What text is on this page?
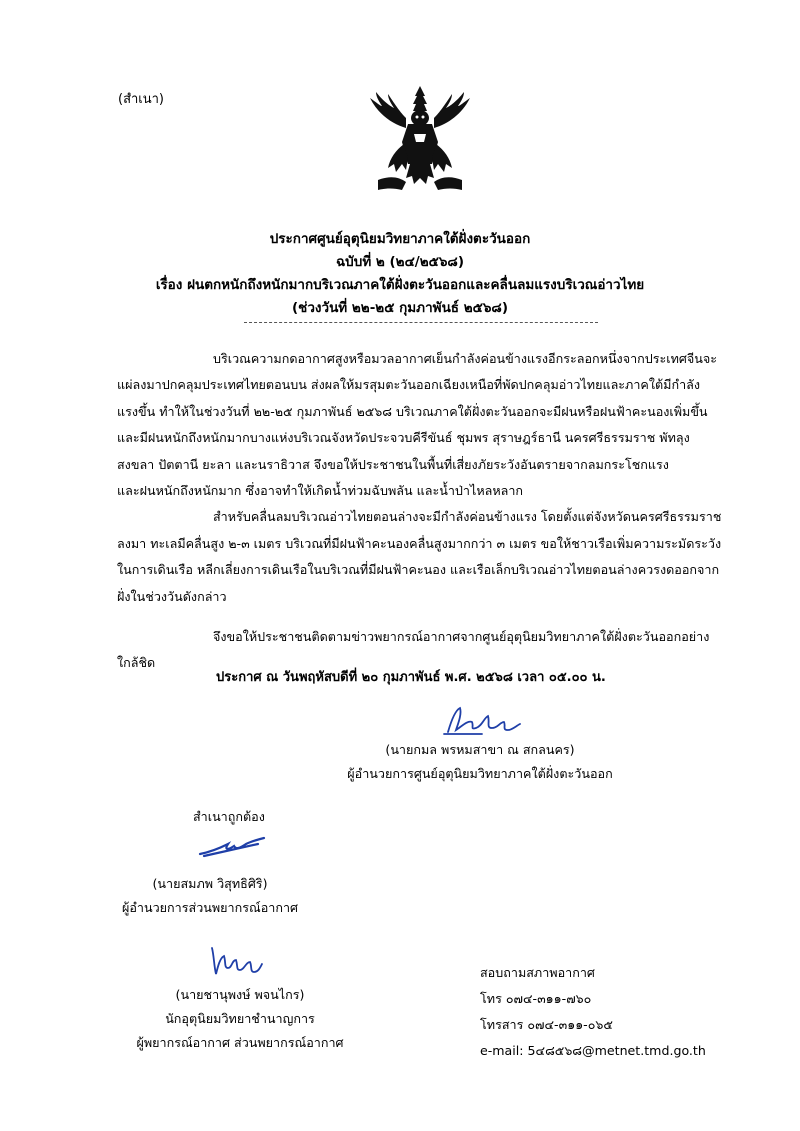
(สำเนา)
ประกาศศูนย์อุตุนิยมวิทยาภาคใต้ฝั่งตะวันออก
ฉบับที่ ๒ (๒๔/๒๕๖๘)
เรื่อง ฝนตกหนักถึงหนักมากบริเวณภาคใต้ฝั่งตะวันออกและคลื่นลมแรงบริเวณอ่าวไทย
(ช่วงวันที่ ๒๒-๒๕ กุมภาพันธ์ ๒๕๖๘)
บริเวณความกดอากาศสูงหรือมวลอากาศเย็นกำลังค่อนข้างแรงอีกระลอกหนึ่งจากประเทศจีนจะ
แผ่ลงมาปกคลุมประเทศไทยตอนบน ส่งผลให้มรสุมตะวันออกเฉียงเหนือที่พัดปกคลุมอ่าวไทยและภาคใต้มีกำลัง
แรงขึ้น ทำให้ในช่วงวันที่ ๒๒-๒๕ กุมภาพันธ์ ๒๕๖๘ บริเวณภาคใต้ฝั่งตะวันออกจะมีฝนหรือฝนฟ้าคะนองเพิ่มขึ้น
และมีฝนหนักถึงหนักมากบางแห่งบริเวณจังหวัดประจวบคีรีขันธ์ ชุมพร สุราษฎร์ธานี นครศรีธรรมราช พัทลุง
สงขลา ปัตตานี ยะลา และนราธิวาส จึงขอให้ประชาชนในพื้นที่เสี่ยงภัยระวังอันตรายจากลมกระโชกแรง
และฝนหนักถึงหนักมาก ซึ่งอาจทำให้เกิดน้ำท่วมฉับพลัน และน้ำป่าไหลหลาก
สำหรับคลื่นลมบริเวณอ่าวไทยตอนล่างจะมีกำลังค่อนข้างแรง โดยตั้งแต่จังหวัดนครศรีธรรมราช
ลงมา ทะเลมีคลื่นสูง ๒-๓ เมตร บริเวณที่มีฝนฟ้าคะนองคลื่นสูงมากกว่า ๓ เมตร ขอให้ชาวเรือเพิ่มความระมัดระวัง
ในการเดินเรือ หลีกเลี่ยงการเดินเรือในบริเวณที่มีฝนฟ้าคะนอง และเรือเล็กบริเวณอ่าวไทยตอนล่างควรงดออกจาก
ฝั่งในช่วงวันดังกล่าว
จึงขอให้ประชาชนติดตามข่าวพยากรณ์อากาศจากศูนย์อุตุนิยมวิทยาภาคใต้ฝั่งตะวันออกอย่าง
ใกล้ชิด
ประกาศ ณ วันพฤหัสบดีที่ ๒๐ กุมภาพันธ์ พ.ศ. ๒๕๖๘ เวลา ๐๕.๐๐ น.
(นายกมล พรหมสาขา ณ สกลนคร)
ผู้อำนวยการศูนย์อุตุนิยมวิทยาภาคใต้ฝั่งตะวันออก
สำเนาถูกต้อง
(นายสมภพ วิสุทธิศิริ)
ผู้อำนวยการส่วนพยากรณ์อากาศ
(นายชานุพงษ์ พจนไกร)
นักอุตุนิยมวิทยาชำนาญการ
ผู้พยากรณ์อากาศ ส่วนพยากรณ์อากาศ
สอบถามสภาพอากาศ
โทร ๐๗๔-๓๑๑-๗๖๐
โทรสาร ๐๗๔-๓๑๑-๐๖๕
e-mail: 5๔๘๕๖๘@metnet.tmd.go.th
